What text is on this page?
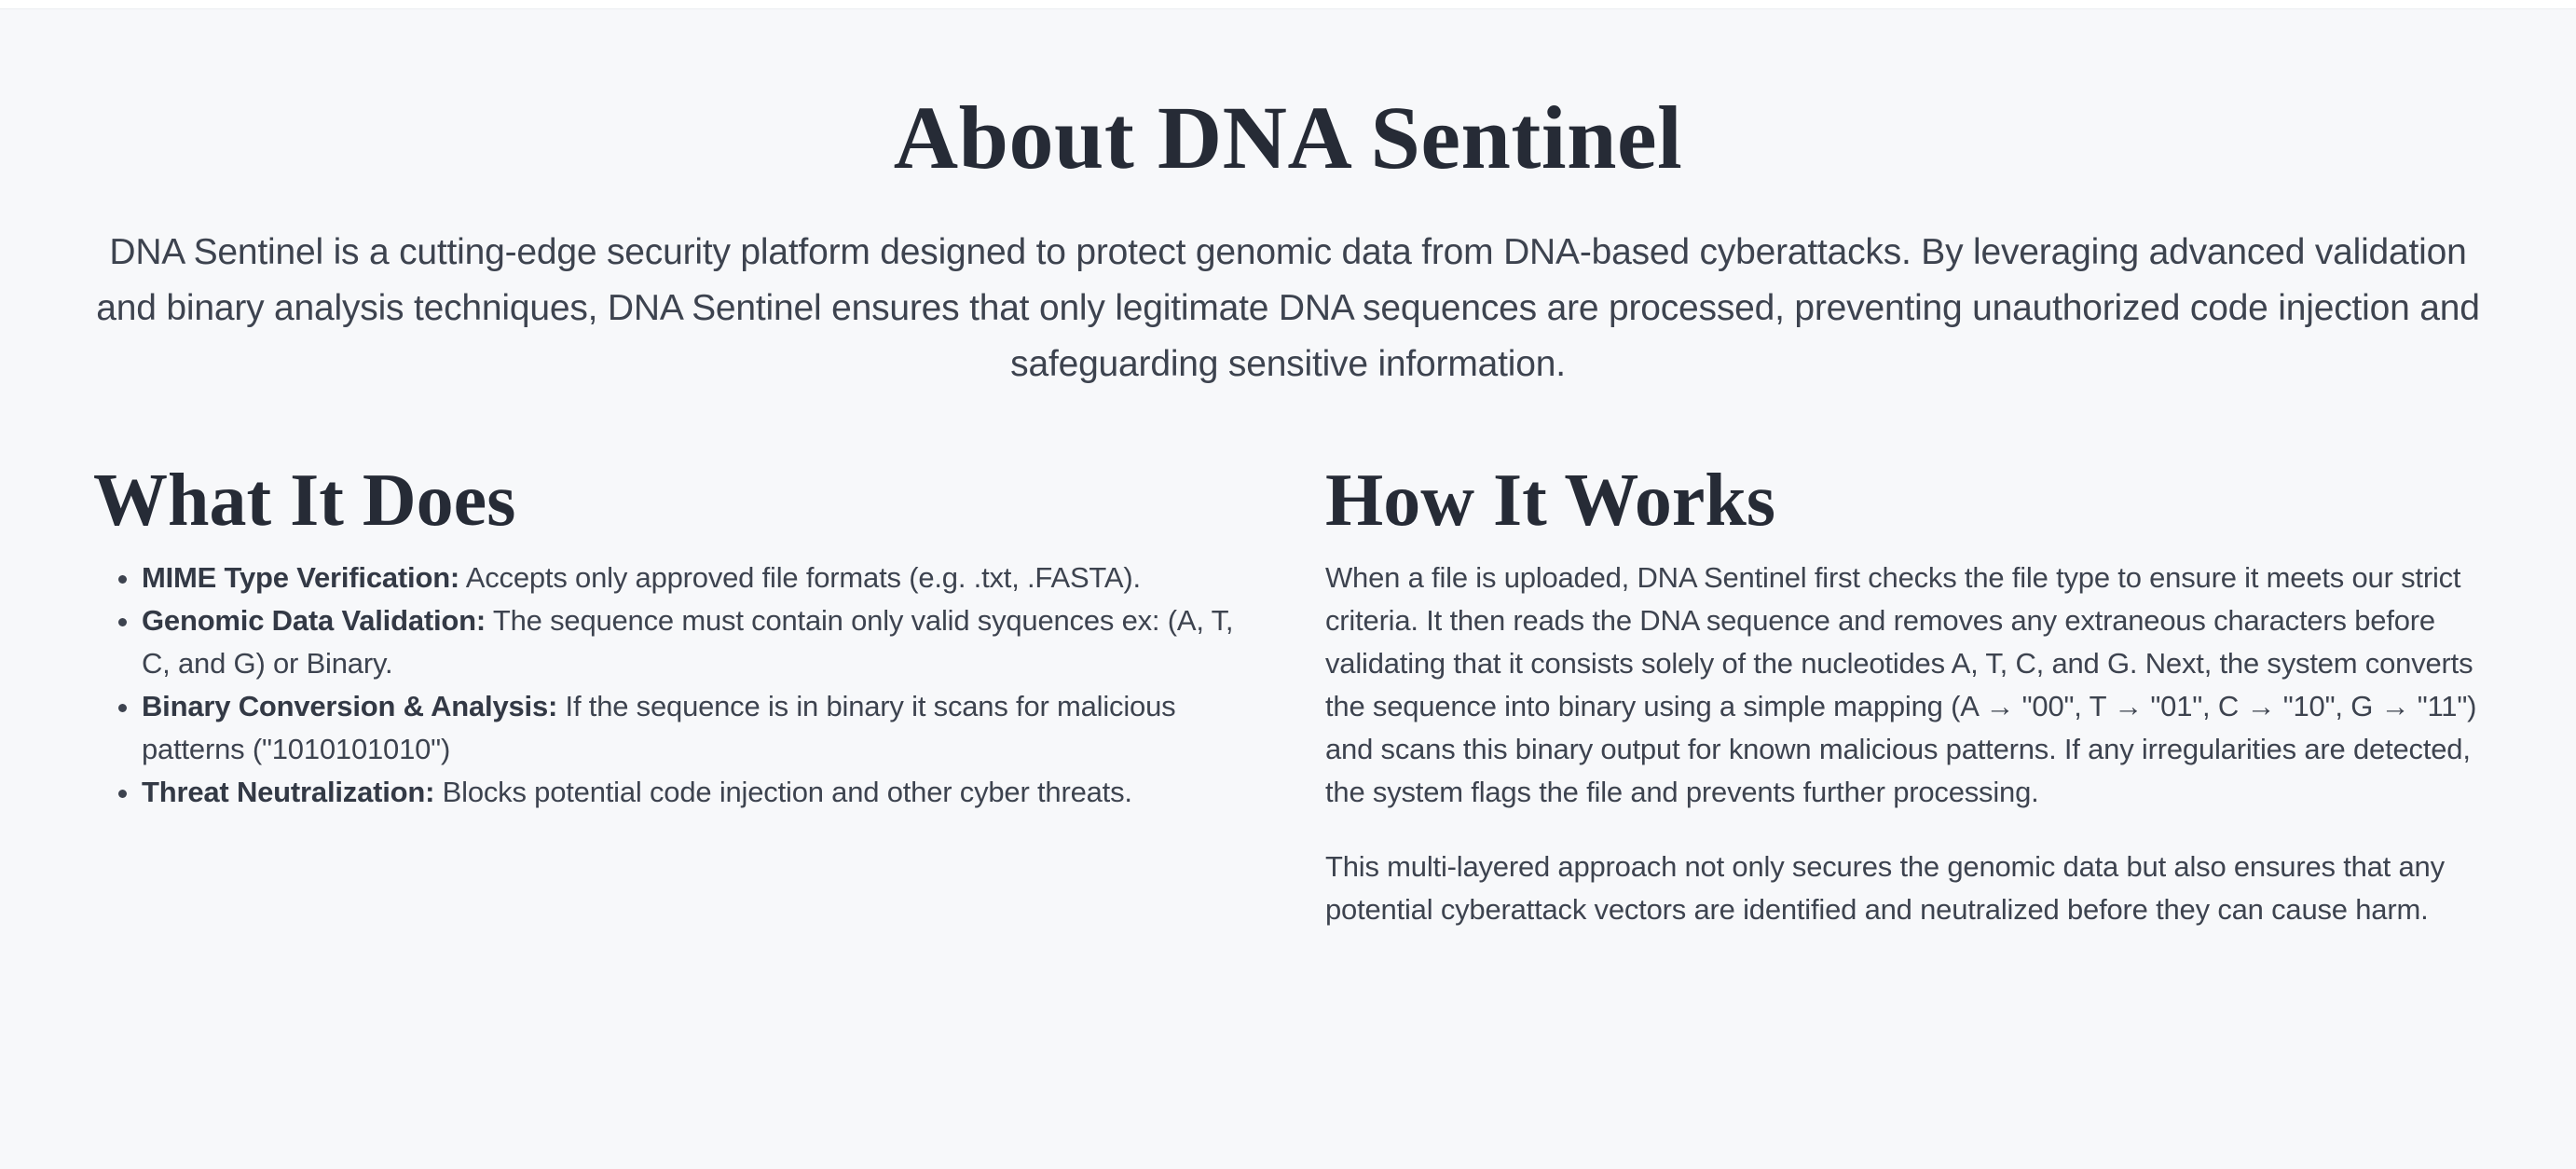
About DNA Sentinel

DNA Sentinel is a cutting-edge security platform designed to protect genomic data from DNA-based cyberattacks. By leveraging advanced validation and binary analysis techniques, DNA Sentinel ensures that only legitimate DNA sequences are processed, preventing unauthorized code injection and safeguarding sensitive information.

What It Does
• MIME Type Verification: Accepts only approved file formats (e.g. .txt, .FASTA).
• Genomic Data Validation: The sequence must contain only valid syquences ex: (A, T, C, and G) or Binary.
• Binary Conversion & Analysis: If the sequence is in binary it scans for malicious patterns ("1010101010")
• Threat Neutralization: Blocks potential code injection and other cyber threats.
How It Works

When a file is uploaded, DNA Sentinel first checks the file type to ensure it meets our strict criteria. It then reads the DNA sequence and removes any extraneous characters before validating that it consists solely of the nucleotides A, T, C, and G. Next, the system converts the sequence into binary using a simple mapping (A → "00", T → "01", C → "10", G → "11") and scans this binary output for known malicious patterns. If any irregularities are detected, the system flags the file and prevents further processing.

This multi-layered approach not only secures the genomic data but also ensures that any potential cyberattack vectors are identified and neutralized before they can cause harm.
